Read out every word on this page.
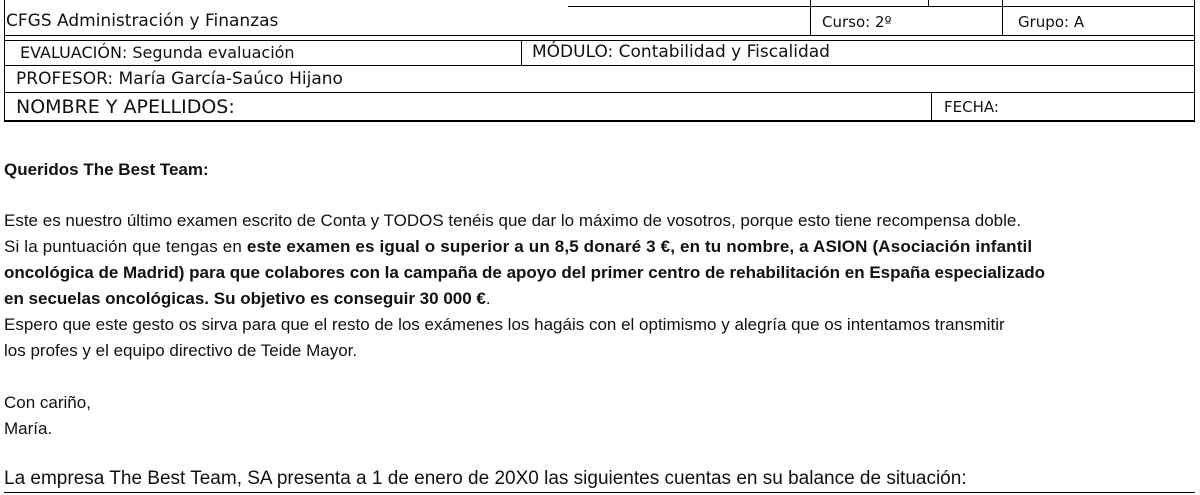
CFGS Administración y Finanzas	Curso: 2º	Grupo: A
EVALUACIÓN: Segunda evaluación	MÓDULO: Contabilidad y Fiscalidad
PROFESOR: María García-Saúco Hijano
NOMBRE Y APELLIDOS:	FECHA:
Queridos The Best Team:

Este es nuestro último examen escrito de Conta y TODOS tenéis que dar lo máximo de vosotros, porque esto tiene recompensa doble.

Si la puntuación que tengas en este examen es igual o superior a un 8,5 donaré 3 €, en tu nombre, a ASION (Asociación infantil

oncológica de Madrid) para que colabores con la campaña de apoyo del primer centro de rehabilitación en España especializado

en secuelas oncológicas. Su objetivo es conseguir 30 000 €.

Espero que este gesto os sirva para que el resto de los exámenes los hagáis con el optimismo y alegría que os intentamos transmitir

los profes y el equipo directivo de Teide Mayor.

Con cariño,

María.

La empresa The Best Team, SA presenta a 1 de enero de 20X0 las siguientes cuentas en su balance de situación:
